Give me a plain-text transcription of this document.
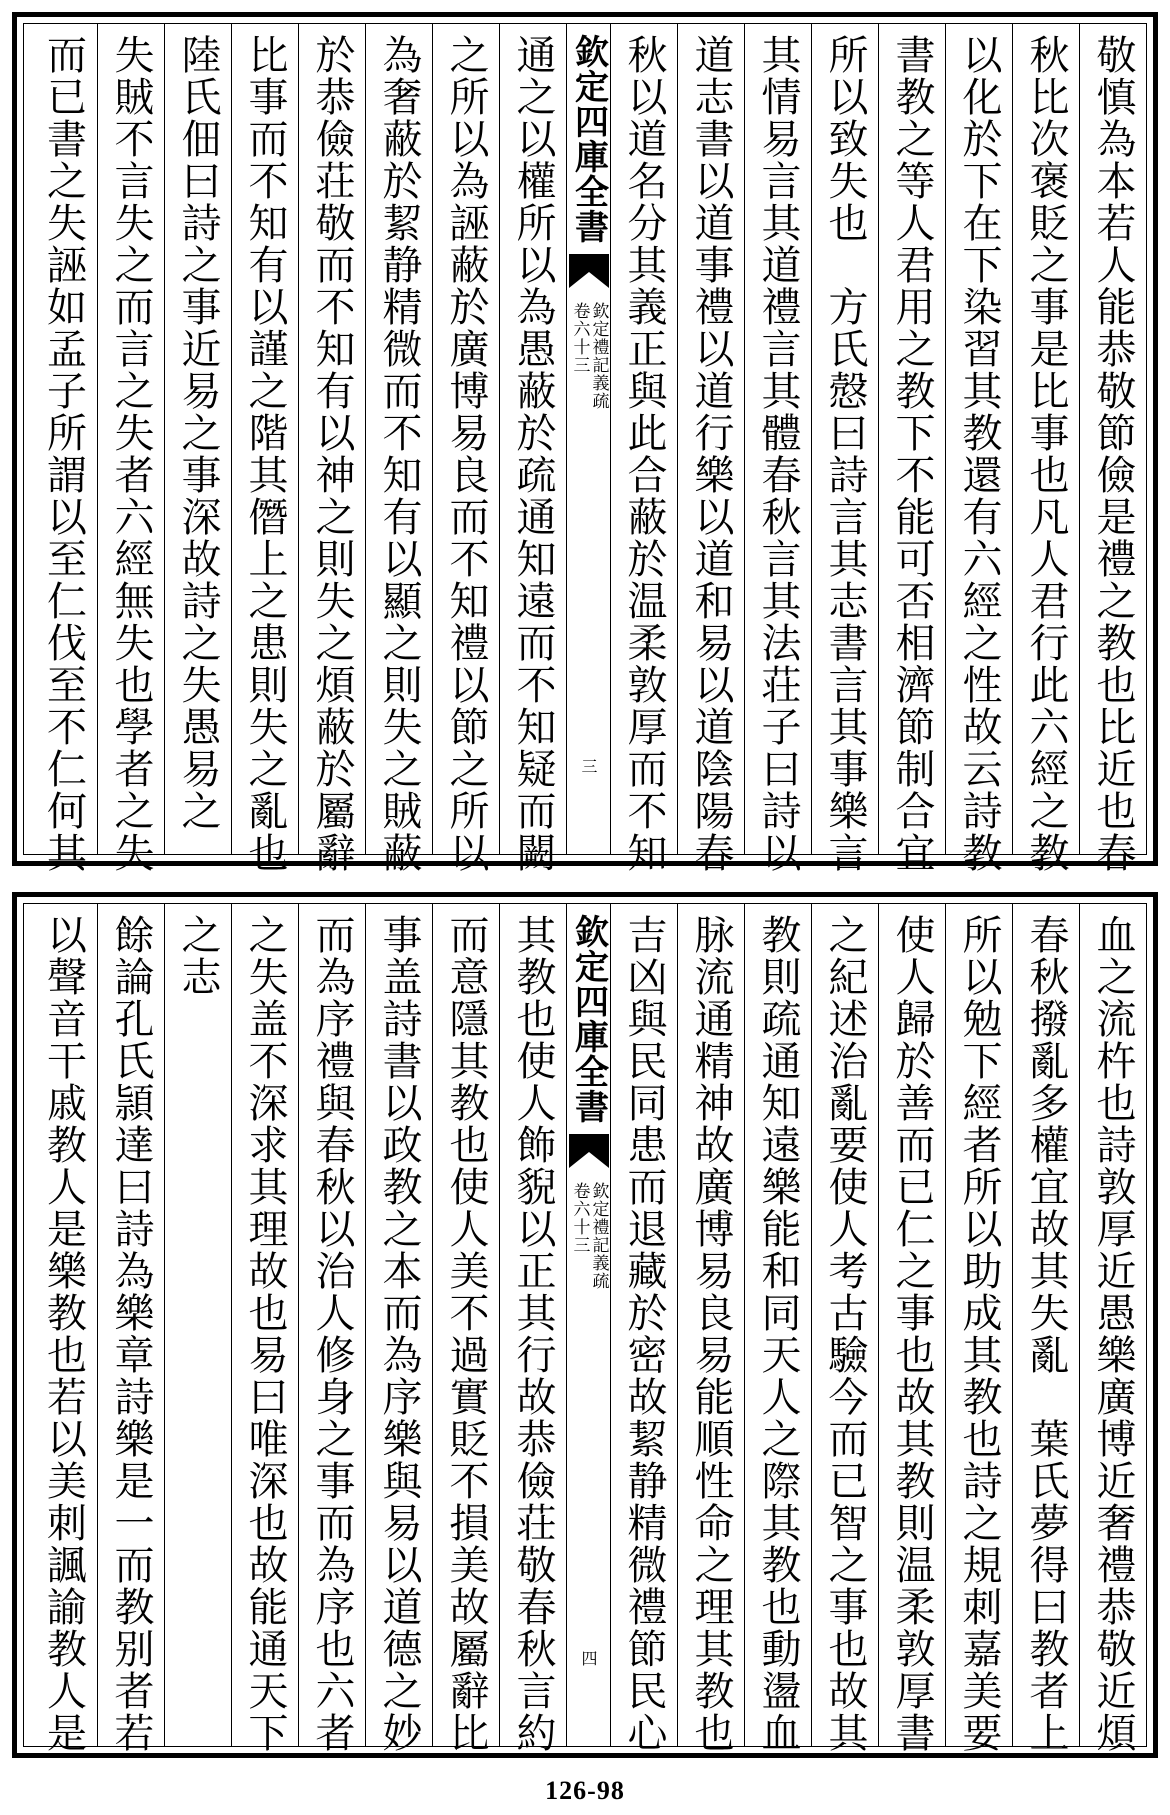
敬慎為本若人能恭敬節儉是禮之教也比近也春
秋比次褒貶之事是比事也凡人君行此六經之教
以化於下在下染習其教還有六經之性故云詩教
書教之等人君用之教下不能可否相濟節制合宜
所以致失也　方氏慤曰詩言其志書言其事樂言
其情易言其道禮言其體春秋言其法荘子曰詩以
道志書以道事禮以道行樂以道和易以道陰陽春
秋以道名分其義正與此合蔽於温柔敦厚而不知
欽定四庫全書
欽定禮記義疏
卷六十三
三
通之以權所以為愚蔽於疏通知遠而不知疑而闕
之所以為誣蔽於廣博易良而不知禮以節之所以
為奢蔽於絜静精微而不知有以顯之則失之賊蔽
於恭儉荘敬而不知有以神之則失之煩蔽於屬辭
比事而不知有以謹之階其僭上之患則失之亂也
陸氏佃曰詩之事近易之事深故詩之失愚易之
失賊不言失之而言之失者六經無失也學者之失
而已書之失誣如孟子所謂以至仁伐至不仁何其
血之流杵也詩敦厚近愚樂廣博近奢禮恭敬近煩
春秋撥亂多權宜故其失亂　葉氏夢得曰教者上
所以勉下經者所以助成其教也詩之規刺嘉美要
使人歸於善而已仁之事也故其教則温柔敦厚書
之紀述治亂要使人考古驗今而已智之事也故其
教則疏通知遠樂能和同天人之際其教也動盪血
脉流通精神故廣博易良易能順性命之理其教也
吉凶與民同患而退藏於密故絜静精微禮節民心
欽定四庫全書
欽定禮記義疏
卷六十三
四
其教也使人飾貎以正其行故恭儉荘敬春秋言約
而意隱其教也使人美不過實貶不損美故屬辭比
事盖詩書以政教之本而為序樂與易以道德之妙
而為序禮與春秋以治人修身之事而為序也六者
之失盖不深求其理故也易曰唯深也故能通天下
之志
餘論孔氏頴達曰詩為樂章詩樂是一而教别者若
以聲音干戚教人是樂教也若以美刺諷諭教人是
126-98
